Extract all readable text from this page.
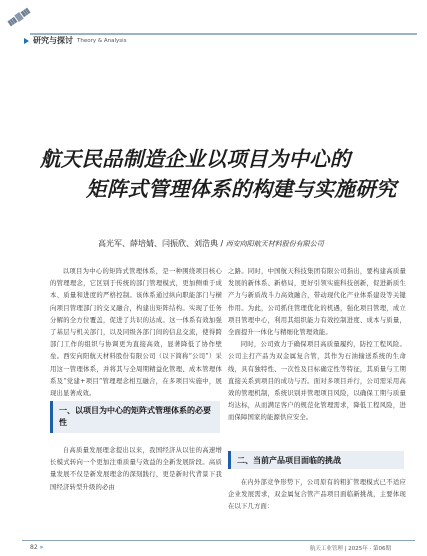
研究与探讨 Theory & Analysis
航天民品制造企业以项目为中心的
矩阵式管理体系的构建与实施研究
高光军、薛培婧、闫振欣、刘浩典 / 西安向阳航天材料股份有限公司

以项目为中心的矩阵式管理体系，是一种围绕项目核心的管理理念，它区别于传统的部门管理模式，更加侧重于成本、质量和进度的严格控制。该体系通过纵向职能部门与横向项目管理部门的交叉融合，构建出矩阵结构。实现了任务分解的全方位覆盖，促进了共识的达成。这一体系有效加强了基层与机关部门，以及同级各部门间的信息交流，使得跨部门工作的组织与协调更为直接高效，显著降低了协作壁垒。西安向阳航天材料股份有限公司（以下简称“公司”）采用这一管理体系，并将其与全周期精益化管理、成本管理体系及“党建+项目”管理理念相互融合，在多项目实施中，展现出显著成效。

之路。同时，中国航天科技集团有限公司指出，要构建高质量发展的新体系、新格局，更好引领实施科技创新，促进新质生产力与新质战斗力高效融合，带动现代化产业体系建设等关键作用。为此，公司抓住管理优化的机遇，强化项目管理，成立项目管理中心，利用其组织能力有效控制进度、成本与质量，全面提升一体化与精细化管理效能。

同时，公司致力于确保项目高质量履约，防控工程风险。公司主打产品为双金属复合管，其作为石油输送系统的生命线，具有独特性、一次性及目标确定性等特征，其质量与工期直接关系到项目的成功与否。面对多项目并行，公司需采用高效的管理机制，系统识别并管理项目风险，以确保工期与质量均达标，从而满足客户的规范化管理需求，降低工程风险，进而保障国家的能源供应安全。

一、以项目为中心的矩阵式管理体系的必要性

自高质量发展理念提出以来，我国经济从以往的高速增长模式转向一个更加注重质量与效益的全新发展阶段。高质量发展不仅是新发展理念的深刻践行，更是新时代背景下我国经济转型升级的必由

二、当前产品项目面临的挑战

在内外部竞争形势下，公司原有的粗犷管理模式已不适应企业发展需求，双金属复合管产品项目面临新挑战，主要体现在以下几方面：

82 »	航天工业管理 | 2025年 · 第06期
